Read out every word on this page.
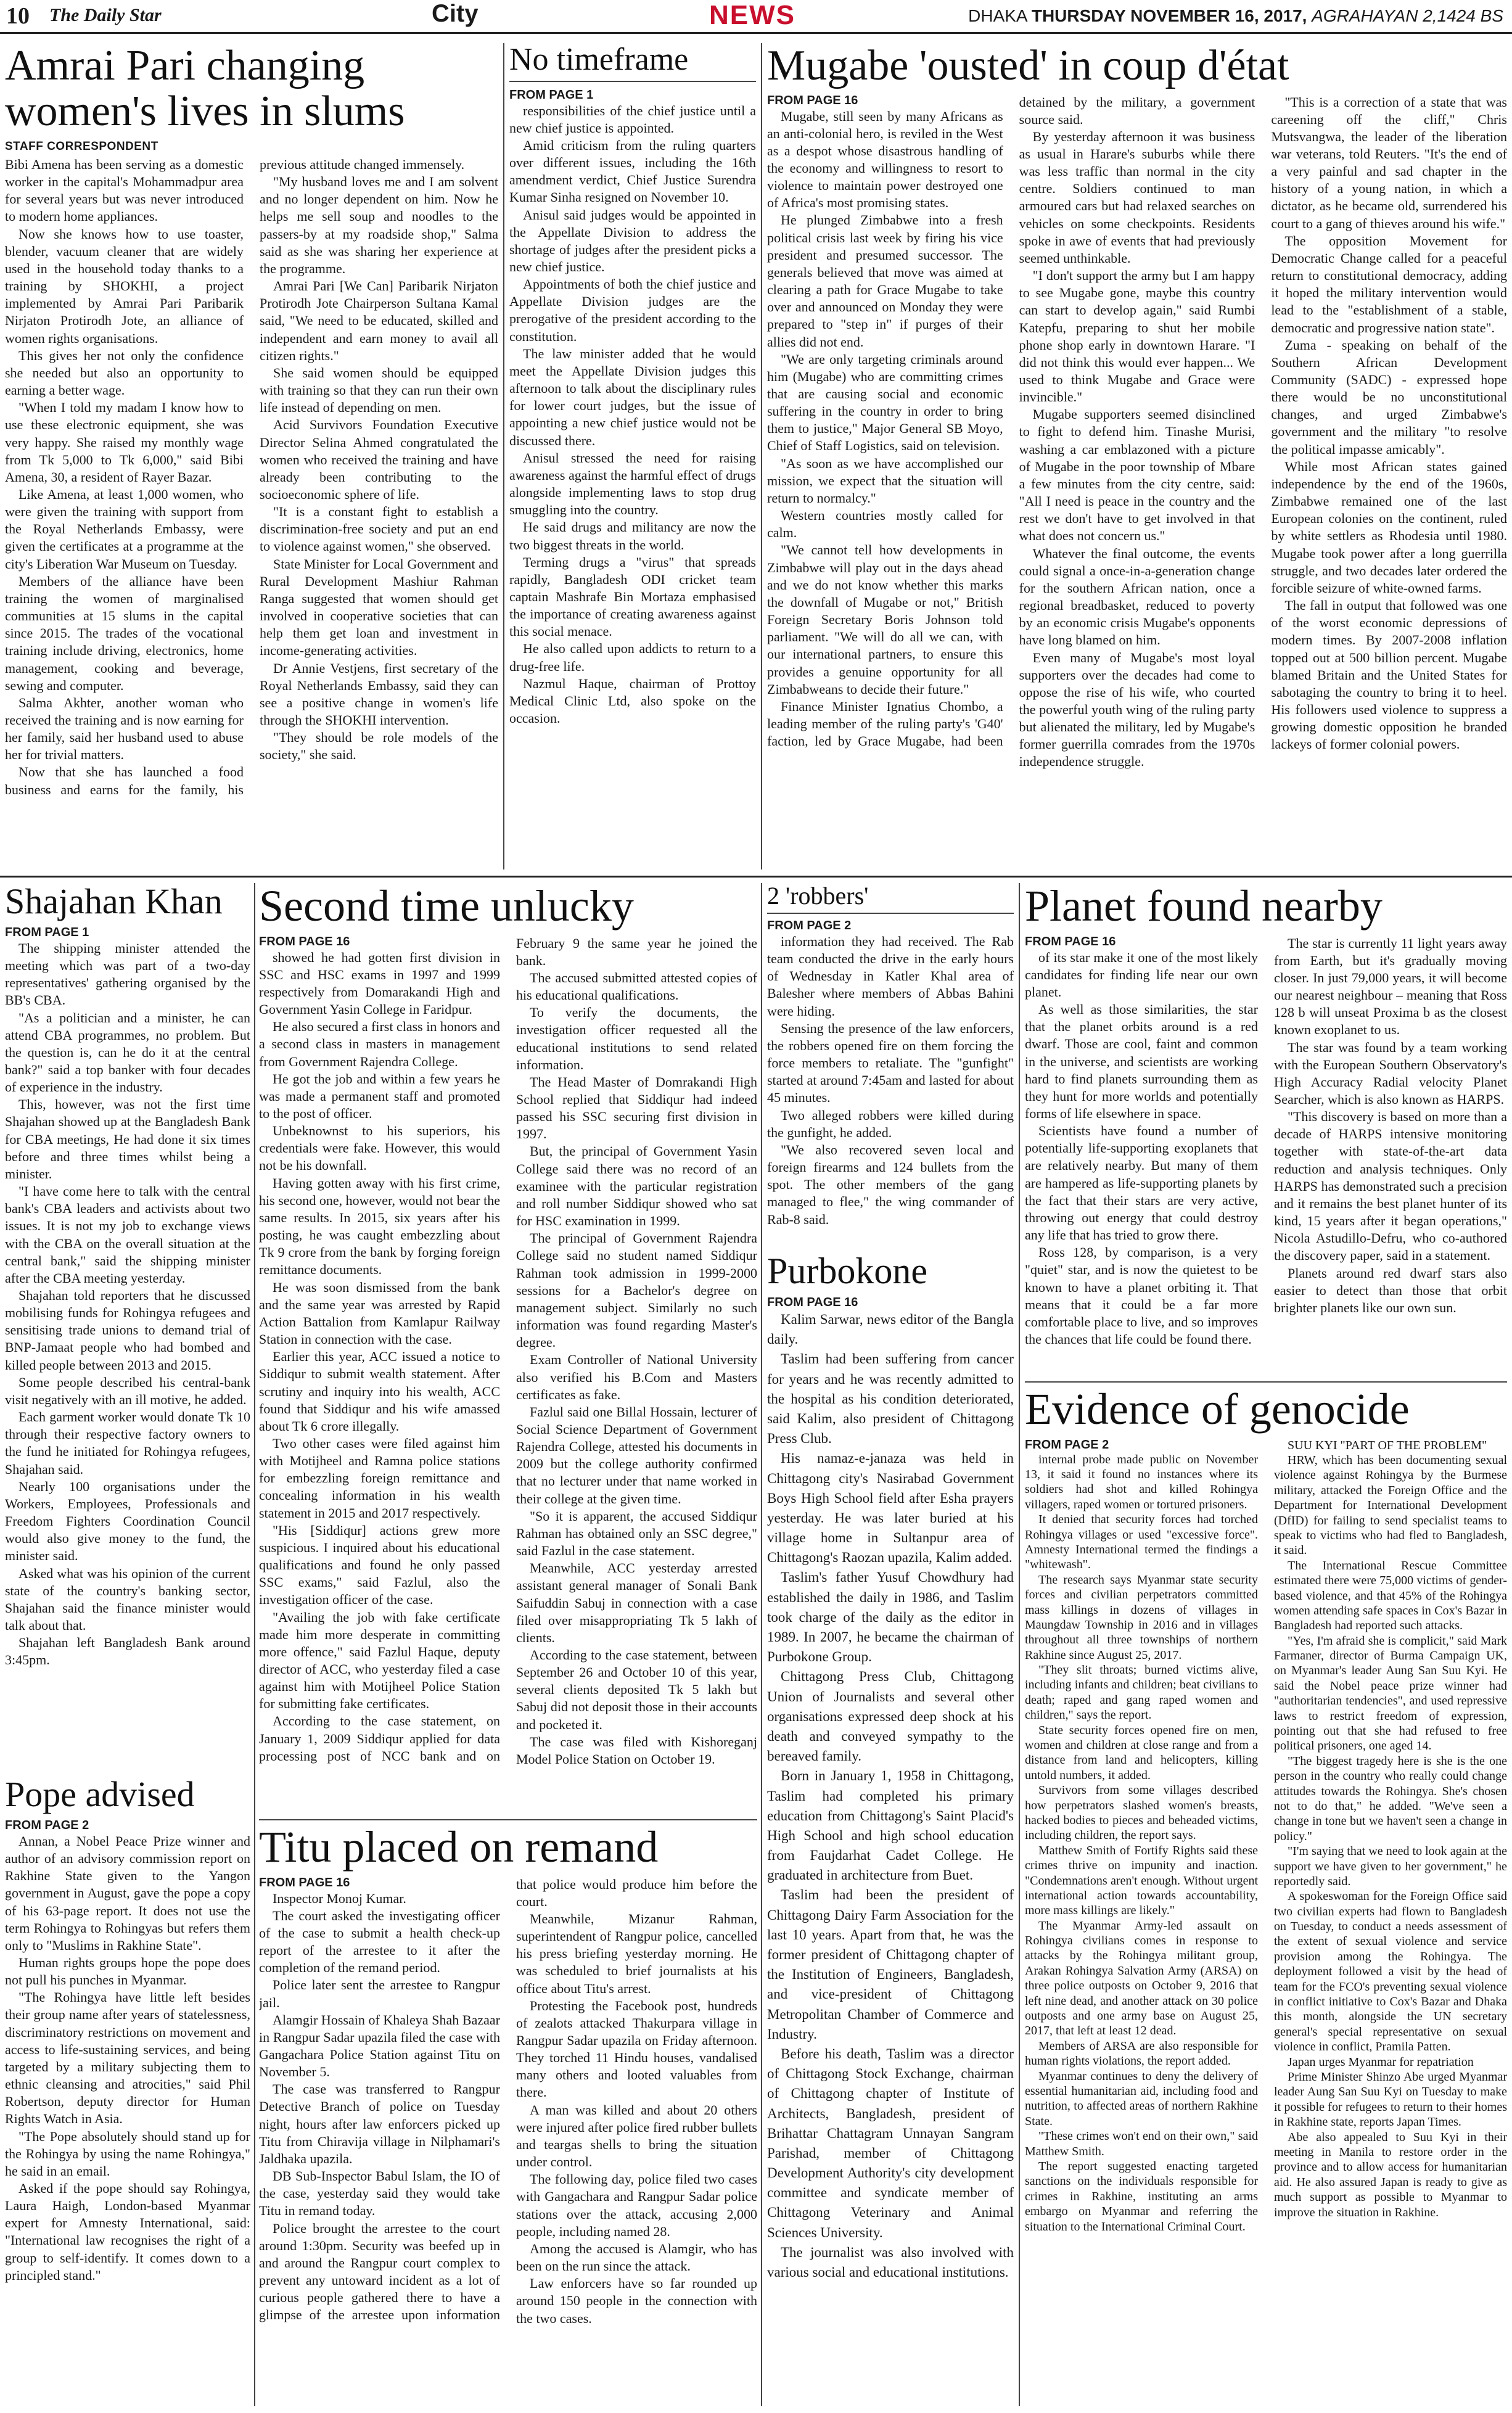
10 The Daily Star	City	NEWS	DHAKA THURSDAY NOVEMBER 16, 2017, AGRAHAYAN 2,1424 BS
Amrai Pari changing women's lives in slums
STAFF CORRESPONDENT

Bibi Amena has been serving as a domestic worker in the capital's Mohammadpur area for several years but was never introduced to modern home appliances.

Now she knows how to use toaster, blender, vacuum cleaner that are widely used in the household today thanks to a training by SHOKHI, a project implemented by Amrai Pari Paribarik Nirjaton Protirodh Jote, an alliance of women rights organisations.

This gives her not only the confidence she needed but also an opportunity to earning a better wage.

"When I told my madam I know how to use these electronic equipment, she was very happy. She raised my monthly wage from Tk 5,000 to Tk 6,000," said Bibi Amena, 30, a resident of Rayer Bazar.

Like Amena, at least 1,000 women, who were given the training with support from the Royal Netherlands Embassy, were given the certificates at a programme at the city's Liberation War Museum on Tuesday.

Members of the alliance have been training the women of marginalised communities at 15 slums in the capital since 2015. The trades of the vocational training include driving, electronics, home management, cooking and beverage, sewing and computer.

Salma Akhter, another woman who received the training and is now earning for her family, said her husband used to abuse her for trivial matters.

Now that she has launched a food business and earns for the family, his previous attitude changed immensely.

"My husband loves me and I am solvent and no longer dependent on him. Now he helps me sell soup and noodles to the passers-by at my roadside shop," Salma said as she was sharing her experience at the programme.

Amrai Pari [We Can] Paribarik Nirjaton Protirodh Jote Chairperson Sultana Kamal said, "We need to be educated, skilled and independent and earn money to avail all citizen rights."

She said women should be equipped with training so that they can run their own life instead of depending on men.

Acid Survivors Foundation Executive Director Selina Ahmed congratulated the women who received the training and have already been contributing to the socioeconomic sphere of life.

"It is a constant fight to establish a discrimination-free society and put an end to violence against women," she observed.

State Minister for Local Government and Rural Development Mashiur Rahman Ranga suggested that women should get involved in cooperative societies that can help them get loan and investment in income-generating activities.

Dr Annie Vestjens, first secretary of the Royal Netherlands Embassy, said they can see a positive change in women's life through the SHOKHI intervention.

"They should be role models of the society," she said.

No timeframe

FROM PAGE 1

responsibilities of the chief justice until a new chief justice is appointed.

Amid criticism from the ruling quarters over different issues, including the 16th amendment verdict, Chief Justice Surendra Kumar Sinha resigned on November 10.

Anisul said judges would be appointed in the Appellate Division to address the shortage of judges after the president picks a new chief justice.

Appointments of both the chief justice and Appellate Division judges are the prerogative of the president according to the constitution.

The law minister added that he would meet the Appellate Division judges this afternoon to talk about the disciplinary rules for lower court judges, but the issue of appointing a new chief justice would not be discussed there.

Anisul stressed the need for raising awareness against the harmful effect of drugs alongside implementing laws to stop drug smuggling into the country.

He said drugs and militancy are now the two biggest threats in the world.

Terming drugs a "virus" that spreads rapidly, Bangladesh ODI cricket team captain Mashrafe Bin Mortaza emphasised the importance of creating awareness against this social menace.

He also called upon addicts to return to a drug-free life.

Nazmul Haque, chairman of Prottoy Medical Clinic Ltd, also spoke on the occasion.

Mugabe 'ousted' in coup d'état

FROM PAGE 16

Mugabe, still seen by many Africans as an anti-colonial hero, is reviled in the West as a despot whose disastrous handling of the economy and willingness to resort to violence to maintain power destroyed one of Africa's most promising states.

He plunged Zimbabwe into a fresh political crisis last week by firing his vice president and presumed successor. The generals believed that move was aimed at clearing a path for Grace Mugabe to take over and announced on Monday they were prepared to "step in" if purges of their allies did not end.

"We are only targeting criminals around him (Mugabe) who are committing crimes that are causing social and economic suffering in the country in order to bring them to justice," Major General SB Moyo, Chief of Staff Logistics, said on television.

"As soon as we have accomplished our mission, we expect that the situation will return to normalcy."

Western countries mostly called for calm.

"We cannot tell how developments in Zimbabwe will play out in the days ahead and we do not know whether this marks the downfall of Mugabe or not," British Foreign Secretary Boris Johnson told parliament. "We will do all we can, with our international partners, to ensure this provides a genuine opportunity for all Zimbabweans to decide their future."

Finance Minister Ignatius Chombo, a leading member of the ruling party's 'G40' faction, led by Grace Mugabe, had been detained by the military, a government source said.

By yesterday afternoon it was business as usual in Harare's suburbs while there was less traffic than normal in the city centre. Soldiers continued to man armoured cars but had relaxed searches on vehicles on some checkpoints. Residents spoke in awe of events that had previously seemed unthinkable.

"I don't support the army but I am happy to see Mugabe gone, maybe this country can start to develop again," said Rumbi Katepfu, preparing to shut her mobile phone shop early in downtown Harare. "I did not think this would ever happen... We used to think Mugabe and Grace were invincible."

Mugabe supporters seemed disinclined to fight to defend him. Tinashe Murisi, washing a car emblazoned with a picture of Mugabe in the poor township of Mbare a few minutes from the city centre, said: "All I need is peace in the country and the rest we don't have to get involved in that what does not concern us."

Whatever the final outcome, the events could signal a once-in-a-generation change for the southern African nation, once a regional breadbasket, reduced to poverty by an economic crisis Mugabe's opponents have long blamed on him.

Even many of Mugabe's most loyal supporters over the decades had come to oppose the rise of his wife, who courted the powerful youth wing of the ruling party but alienated the military, led by Mugabe's former guerrilla comrades from the 1970s independence struggle.

"This is a correction of a state that was careening off the cliff," Chris Mutsvangwa, the leader of the liberation war veterans, told Reuters. "It's the end of a very painful and sad chapter in the history of a young nation, in which a dictator, as he became old, surrendered his court to a gang of thieves around his wife."

The opposition Movement for Democratic Change called for a peaceful return to constitutional democracy, adding it hoped the military intervention would lead to the "establishment of a stable, democratic and progressive nation state".

Zuma - speaking on behalf of the Southern African Development Community (SADC) - expressed hope there would be no unconstitutional changes, and urged Zimbabwe's government and the military "to resolve the political impasse amicably".

While most African states gained independence by the end of the 1960s, Zimbabwe remained one of the last European colonies on the continent, ruled by white settlers as Rhodesia until 1980. Mugabe took power after a long guerrilla struggle, and two decades later ordered the forcible seizure of white-owned farms.

The fall in output that followed was one of the worst economic depressions of modern times. By 2007-2008 inflation topped out at 500 billion percent. Mugabe blamed Britain and the United States for sabotaging the country to bring it to heel. His followers used violence to suppress a growing domestic opposition he branded lackeys of former colonial powers.

Shajahan Khan

FROM PAGE 1

The shipping minister attended the meeting which was part of a two-day representatives' gathering organised by the BB's CBA.

"As a politician and a minister, he can attend CBA programmes, no problem. But the question is, can he do it at the central bank?" said a top banker with four decades of experience in the industry.

This, however, was not the first time Shajahan showed up at the Bangladesh Bank for CBA meetings, He had done it six times before and three times whilst being a minister.

"I have come here to talk with the central bank's CBA leaders and activists about two issues. It is not my job to exchange views with the CBA on the overall situation at the central bank," said the shipping minister after the CBA meeting yesterday.

Shajahan told reporters that he discussed mobilising funds for Rohingya refugees and sensitising trade unions to demand trial of BNP-Jamaat people who had bombed and killed people between 2013 and 2015.

Some people described his central-bank visit negatively with an ill motive, he added.

Each garment worker would donate Tk 10 through their respective factory owners to the fund he initiated for Rohingya refugees, Shajahan said.

Nearly 100 organisations under the Workers, Employees, Professionals and Freedom Fighters Coordination Council would also give money to the fund, the minister said.

Asked what was his opinion of the current state of the country's banking sector, Shajahan said the finance minister would talk about that.

Shajahan left Bangladesh Bank around 3:45pm.

Pope advised

FROM PAGE 2

Annan, a Nobel Peace Prize winner and author of an advisory commission report on Rakhine State given to the Yangon government in August, gave the pope a copy of his 63-page report. It does not use the term Rohingya to Rohingyas but refers them only to "Muslims in Rakhine State".

Human rights groups hope the pope does not pull his punches in Myanmar.

"The Rohingya have little left besides their group name after years of statelessness, discriminatory restrictions on movement and access to life-sustaining services, and being targeted by a military subjecting them to ethnic cleansing and atrocities," said Phil Robertson, deputy director for Human Rights Watch in Asia.

"The Pope absolutely should stand up for the Rohingya by using the name Rohingya," he said in an email.

Asked if the pope should say Rohingya, Laura Haigh, London-based Myanmar expert for Amnesty International, said: "International law recognises the right of a group to self-identify. It comes down to a principled stand."

Second time unlucky

FROM PAGE 16

showed he had gotten first division in SSC and HSC exams in 1997 and 1999 respectively from Domarakandi High and Government Yasin College in Faridpur.

He also secured a first class in honors and a second class in masters in management from Government Rajendra College.

He got the job and within a few years he was made a permanent staff and promoted to the post of officer.

Unbeknownst to his superiors, his credentials were fake. However, this would not be his downfall.

Having gotten away with his first crime, his second one, however, would not bear the same results. In 2015, six years after his posting, he was caught embezzling about Tk 9 crore from the bank by forging foreign remittance documents.

He was soon dismissed from the bank and the same year was arrested by Rapid Action Battalion from Kamlapur Railway Station in connection with the case.

Earlier this year, ACC issued a notice to Siddiqur to submit wealth statement. After scrutiny and inquiry into his wealth, ACC found that Siddiqur and his wife amassed about Tk 6 crore illegally.

Two other cases were filed against him with Motijheel and Ramna police stations for embezzling foreign remittance and concealing information in his wealth statement in 2015 and 2017 respectively.

"His [Siddiqur] actions grew more suspicious. I inquired about his educational qualifications and found he only passed SSC exams," said Fazlul, also the investigation officer of the case.

"Availing the job with fake certificate made him more desperate in committing more offence," said Fazlul Haque, deputy director of ACC, who yesterday filed a case against him with Motijheel Police Station for submitting fake certificates.

According to the case statement, on January 1, 2009 Siddiqur applied for data processing post of NCC bank and on February 9 the same year he joined the bank.

The accused submitted attested copies of his educational qualifications.

To verify the documents, the investigation officer requested all the educational institutions to send related information.

The Head Master of Domrakandi High School replied that Siddiqur had indeed passed his SSC securing first division in 1997.

But, the principal of Government Yasin College said there was no record of an examinee with the particular registration and roll number Siddiqur showed who sat for HSC examination in 1999.

The principal of Government Rajendra College said no student named Siddiqur Rahman took admission in 1999-2000 sessions for a Bachelor's degree on management subject. Similarly no such information was found regarding Master's degree.

Exam Controller of National University also verified his B.Com and Masters certificates as fake.

Fazlul said one Billal Hossain, lecturer of Social Science Department of Government Rajendra College, attested his documents in 2009 but the college authority confirmed that no lecturer under that name worked in their college at the given time.

"So it is apparent, the accused Siddiqur Rahman has obtained only an SSC degree," said Fazlul in the case statement.

Meanwhile, ACC yesterday arrested assistant general manager of Sonali Bank Saifuddin Sabuj in connection with a case filed over misappropriating Tk 5 lakh of clients.

According to the case statement, between September 26 and October 10 of this year, several clients deposited Tk 5 lakh but Sabuj did not deposit those in their accounts and pocketed it.

The case was filed with Kishoreganj Model Police Station on October 19.

Titu placed on remand

FROM PAGE 16

Inspector Monoj Kumar.

The court asked the investigating officer of the case to submit a health check-up report of the arrestee to it after the completion of the remand period.

Police later sent the arrestee to Rangpur jail.

Alamgir Hossain of Khaleya Shah Bazaar in Rangpur Sadar upazila filed the case with Gangachara Police Station against Titu on November 5.

The case was transferred to Rangpur Detective Branch of police on Tuesday night, hours after law enforcers picked up Titu from Chiravija village in Nilphamari's Jaldhaka upazila.

DB Sub-Inspector Babul Islam, the IO of the case, yesterday said they would take Titu in remand today.

Police brought the arrestee to the court around 1:30pm. Security was beefed up in and around the Rangpur court complex to prevent any untoward incident as a lot of curious people gathered there to have a glimpse of the arrestee upon information that police would produce him before the court.

Meanwhile, Mizanur Rahman, superintendent of Rangpur police, cancelled his press briefing yesterday morning. He was scheduled to brief journalists at his office about Titu's arrest.

Protesting the Facebook post, hundreds of zealots attacked Thakurpara village in Rangpur Sadar upazila on Friday afternoon. They torched 11 Hindu houses, vandalised many others and looted valuables from there.

A man was killed and about 20 others were injured after police fired rubber bullets and teargas shells to bring the situation under control.

The following day, police filed two cases with Gangachara and Rangpur Sadar police stations over the attack, accusing 2,000 people, including named 28.

Among the accused is Alamgir, who has been on the run since the attack.

Law enforcers have so far rounded up around 150 people in the connection with the two cases.

2 'robbers'

FROM PAGE 2

information they had received. The Rab team conducted the drive in the early hours of Wednesday in Katler Khal area of Balesher where members of Abbas Bahini were hiding.

Sensing the presence of the law enforcers, the robbers opened fire on them forcing the force members to retaliate. The "gunfight" started at around 7:45am and lasted for about 45 minutes.

Two alleged robbers were killed during the gunfight, he added.

"We also recovered seven local and foreign firearms and 124 bullets from the spot. The other members of the gang managed to flee," the wing commander of Rab-8 said.

Purbokone

FROM PAGE 16

Kalim Sarwar, news editor of the Bangla daily.

Taslim had been suffering from cancer for years and he was recently admitted to the hospital as his condition deteriorated, said Kalim, also president of Chittagong Press Club.

His namaz-e-janaza was held in Chittagong city's Nasirabad Government Boys High School field after Esha prayers yesterday. He was later buried at his village home in Sultanpur area of Chittagong's Raozan upazila, Kalim added.

Taslim's father Yusuf Chowdhury had established the daily in 1986, and Taslim took charge of the daily as the editor in 1989. In 2007, he became the chairman of Purbokone Group.

Chittagong Press Club, Chittagong Union of Journalists and several other organisations expressed deep shock at his death and conveyed sympathy to the bereaved family.

Born in January 1, 1958 in Chittagong, Taslim had completed his primary education from Chittagong's Saint Placid's High School and high school education from Faujdarhat Cadet College. He graduated in architecture from Buet.

Taslim had been the president of Chittagong Dairy Farm Association for the last 10 years. Apart from that, he was the former president of Chittagong chapter of the Institution of Engineers, Bangladesh, and vice-president of Chittagong Metropolitan Chamber of Commerce and Industry.

Before his death, Taslim was a director of Chittagong Stock Exchange, chairman of Chittagong chapter of Institute of Architects, Bangladesh, president of Brihattar Chattagram Unnayan Sangram Parishad, member of Chittagong Development Authority's city development committee and syndicate member of Chittagong Veterinary and Animal Sciences University.

The journalist was also involved with various social and educational institutions.

Planet found nearby

FROM PAGE 16

of its star make it one of the most likely candidates for finding life near our own planet.

As well as those similarities, the star that the planet orbits around is a red dwarf. Those are cool, faint and common in the universe, and scientists are working hard to find planets surrounding them as they hunt for more worlds and potentially forms of life elsewhere in space.

Scientists have found a number of potentially life-supporting exoplanets that are relatively nearby. But many of them are hampered as life-supporting planets by the fact that their stars are very active, throwing out energy that could destroy any life that has tried to grow there.

Ross 128, by comparison, is a very "quiet" star, and is now the quietest to be known to have a planet orbiting it. That means that it could be a far more comfortable place to live, and so improves the chances that life could be found there.

The star is currently 11 light years away from Earth, but it's gradually moving closer. In just 79,000 years, it will become our nearest neighbour – meaning that Ross 128 b will unseat Proxima b as the closest known exoplanet to us.

The star was found by a team working with the European Southern Observatory's High Accuracy Radial velocity Planet Searcher, which is also known as HARPS.

"This discovery is based on more than a decade of HARPS intensive monitoring together with state-of-the-art data reduction and analysis techniques. Only HARPS has demonstrated such a precision and it remains the best planet hunter of its kind, 15 years after it began operations," Nicola Astudillo-Defru, who co-authored the discovery paper, said in a statement.

Planets around red dwarf stars also easier to detect than those that orbit brighter planets like our own sun.

Evidence of genocide

FROM PAGE 2

internal probe made public on November 13, it said it found no instances where its soldiers had shot and killed Rohingya villagers, raped women or tortured prisoners.

It denied that security forces had torched Rohingya villages or used "excessive force". Amnesty International termed the findings a "whitewash".

The research says Myanmar state security forces and civilian perpetrators committed mass killings in dozens of villages in Maungdaw Township in 2016 and in villages throughout all three townships of northern Rakhine since August 25, 2017.

"They slit throats; burned victims alive, including infants and children; beat civilians to death; raped and gang raped women and children," says the report.

State security forces opened fire on men, women and children at close range and from a distance from land and helicopters, killing untold numbers, it added.

Survivors from some villages described how perpetrators slashed women's breasts, hacked bodies to pieces and beheaded victims, including children, the report says.

Matthew Smith of Fortify Rights said these crimes thrive on impunity and inaction. "Condemnations aren't enough. Without urgent international action towards accountability, more mass killings are likely."

The Myanmar Army-led assault on Rohingya civilians comes in response to attacks by the Rohingya militant group, Arakan Rohingya Salvation Army (ARSA) on three police outposts on October 9, 2016 that left nine dead, and another attack on 30 police outposts and one army base on August 25, 2017, that left at least 12 dead.

Members of ARSA are also responsible for human rights violations, the report added.

Myanmar continues to deny the delivery of essential humanitarian aid, including food and nutrition, to affected areas of northern Rakhine State.

"These crimes won't end on their own," said Matthew Smith.

The report suggested enacting targeted sanctions on the individuals responsible for crimes in Rakhine, instituting an arms embargo on Myanmar and referring the situation to the International Criminal Court.

SUU KYI "PART OF THE PROBLEM"

HRW, which has been documenting sexual violence against Rohingya by the Burmese military, attacked the Foreign Office and the Department for International Development (DfID) for failing to send specialist teams to speak to victims who had fled to Bangladesh, it said.

The International Rescue Committee estimated there were 75,000 victims of gender-based violence, and that 45% of the Rohingya women attending safe spaces in Cox's Bazar in Bangladesh had reported such attacks.

"Yes, I'm afraid she is complicit," said Mark Farmaner, director of Burma Campaign UK, on Myanmar's leader Aung San Suu Kyi. He said the Nobel peace prize winner had "authoritarian tendencies", and used repressive laws to restrict freedom of expression, pointing out that she had refused to free political prisoners, one aged 14.

"The biggest tragedy here is she is the one person in the country who really could change attitudes towards the Rohingya. She's chosen not to do that," he added. "We've seen a change in tone but we haven't seen a change in policy."

"I'm saying that we need to look again at the support we have given to her government," he reportedly said.

A spokeswoman for the Foreign Office said two civilian experts had flown to Bangladesh on Tuesday, to conduct a needs assessment of the extent of sexual violence and service provision among the Rohingya. The deployment followed a visit by the head of team for the FCO's preventing sexual violence in conflict initiative to Cox's Bazar and Dhaka this month, alongside the UN secretary general's special representative on sexual violence in conflict, Pramila Patten.

Japan urges Myanmar for repatriation

Prime Minister Shinzo Abe urged Myanmar leader Aung San Suu Kyi on Tuesday to make it possible for refugees to return to their homes in Rakhine state, reports Japan Times.

Abe also appealed to Suu Kyi in their meeting in Manila to restore order in the province and to allow access for humanitarian aid. He also assured Japan is ready to give as much support as possible to Myanmar to improve the situation in Rakhine.
